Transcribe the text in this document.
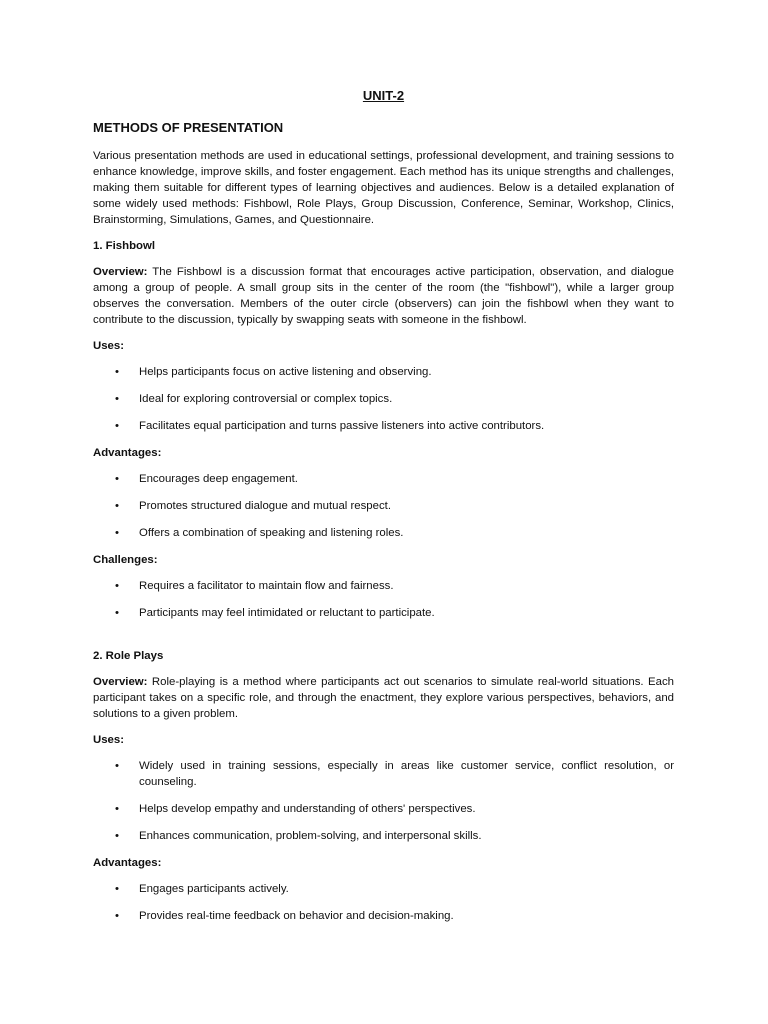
UNIT-2
METHODS OF PRESENTATION

Various presentation methods are used in educational settings, professional development, and training sessions to enhance knowledge, improve skills, and foster engagement. Each method has its unique strengths and challenges, making them suitable for different types of learning objectives and audiences. Below is a detailed explanation of some widely used methods: Fishbowl, Role Plays, Group Discussion, Conference, Seminar, Workshop, Clinics, Brainstorming, Simulations, Games, and Questionnaire.

1. Fishbowl

Overview: The Fishbowl is a discussion format that encourages active participation, observation, and dialogue among a group of people. A small group sits in the center of the room (the "fishbowl"), while a larger group observes the conversation. Members of the outer circle (observers) can join the fishbowl when they want to contribute to the discussion, typically by swapping seats with someone in the fishbowl.

Uses:
• Helps participants focus on active listening and observing.
• Ideal for exploring controversial or complex topics.
• Facilitates equal participation and turns passive listeners into active contributors.
Advantages:
• Encourages deep engagement.
• Promotes structured dialogue and mutual respect.
• Offers a combination of speaking and listening roles.
Challenges:
• Requires a facilitator to maintain flow and fairness.
• Participants may feel intimidated or reluctant to participate.
2. Role Plays

Overview: Role-playing is a method where participants act out scenarios to simulate real-world situations. Each participant takes on a specific role, and through the enactment, they explore various perspectives, behaviors, and solutions to a given problem.

Uses:
• Widely used in training sessions, especially in areas like customer service, conflict resolution, or counseling.
• Helps develop empathy and understanding of others' perspectives.
• Enhances communication, problem-solving, and interpersonal skills.
Advantages:
• Engages participants actively.
• Provides real-time feedback on behavior and decision-making.
